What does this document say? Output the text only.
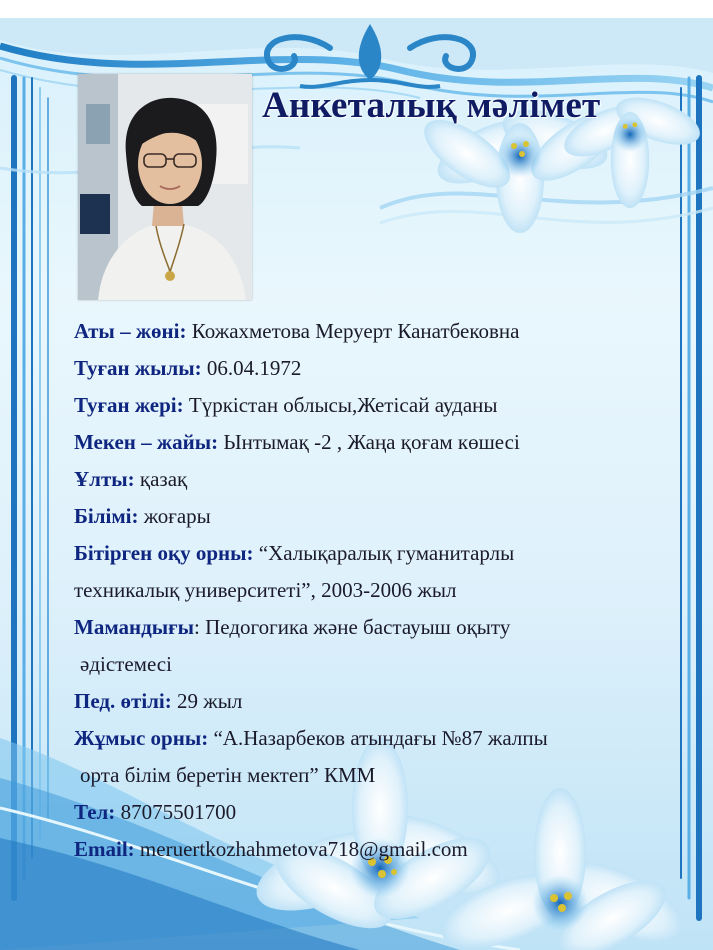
Анкеталық мәлімет
Аты – жөні: Кожахметова Меруерт Канатбековна
Туған жылы: 06.04.1972
Туған жері: Түркістан облысы,Жетісай ауданы
Мекен – жайы: Ынтымақ -2 , Жаңа қоғам көшесі
Ұлты: қазақ
Білімі: жоғары
Бітірген оқу орны: “Халықаралық гуманитарлы
техникалық университеті”, 2003-2006 жыл
Мамандығы: Педогогика және бастауыш оқыту
әдістемесі
Пед. өтілі: 29 жыл
Жұмыс орны: “А.Назарбеков атындағы №87 жалпы
орта білім беретін мектеп” КММ
Тел: 87075501700
Email: meruertkozhahmetova718@gmail.com
